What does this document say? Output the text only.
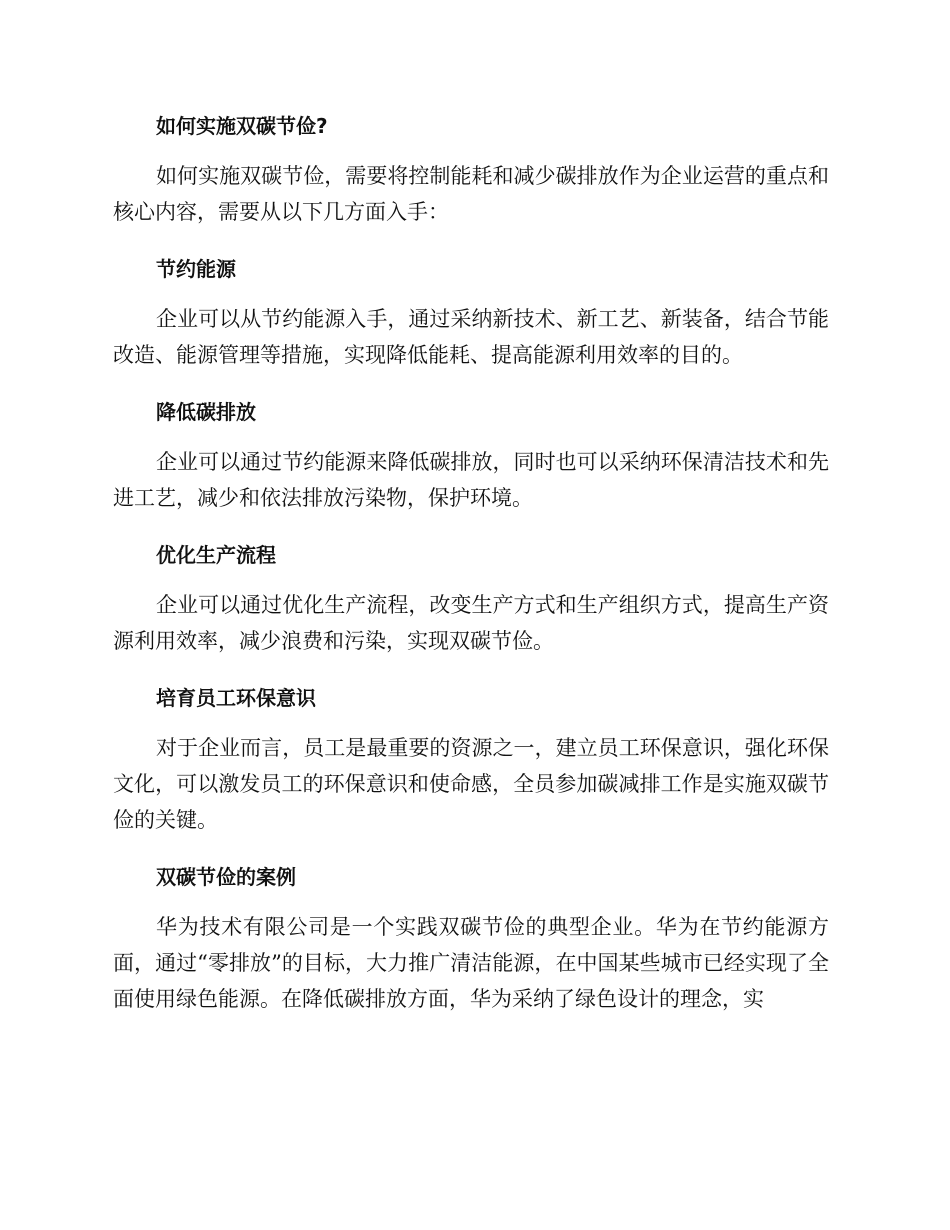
如何实施双碳节俭?
如何实施双碳节俭，需要将控制能耗和减少碳排放作为企业运营的重点和核心内容，需要从以下几方面入手：
节约能源
企业可以从节约能源入手，通过采纳新技术、新工艺、新装备，结合节能改造、能源管理等措施，实现降低能耗、提高能源利用效率的目的。
降低碳排放
企业可以通过节约能源来降低碳排放，同时也可以采纳环保清洁技术和先进工艺，减少和依法排放污染物，保护环境。
优化生产流程
企业可以通过优化生产流程，改变生产方式和生产组织方式，提高生产资源利用效率，减少浪费和污染，实现双碳节俭。
培育员工环保意识
对于企业而言，员工是最重要的资源之一，建立员工环保意识，强化环保文化，可以激发员工的环保意识和使命感，全员参加碳减排工作是实施双碳节俭的关键。
双碳节俭的案例
华为技术有限公司是一个实践双碳节俭的典型企业。华为在节约能源方面，通过“零排放”的目标，大力推广清洁能源，在中国某些城市已经实现了全面使用绿色能源。在降低碳排放方面，华为采纳了绿色设计的理念，实
